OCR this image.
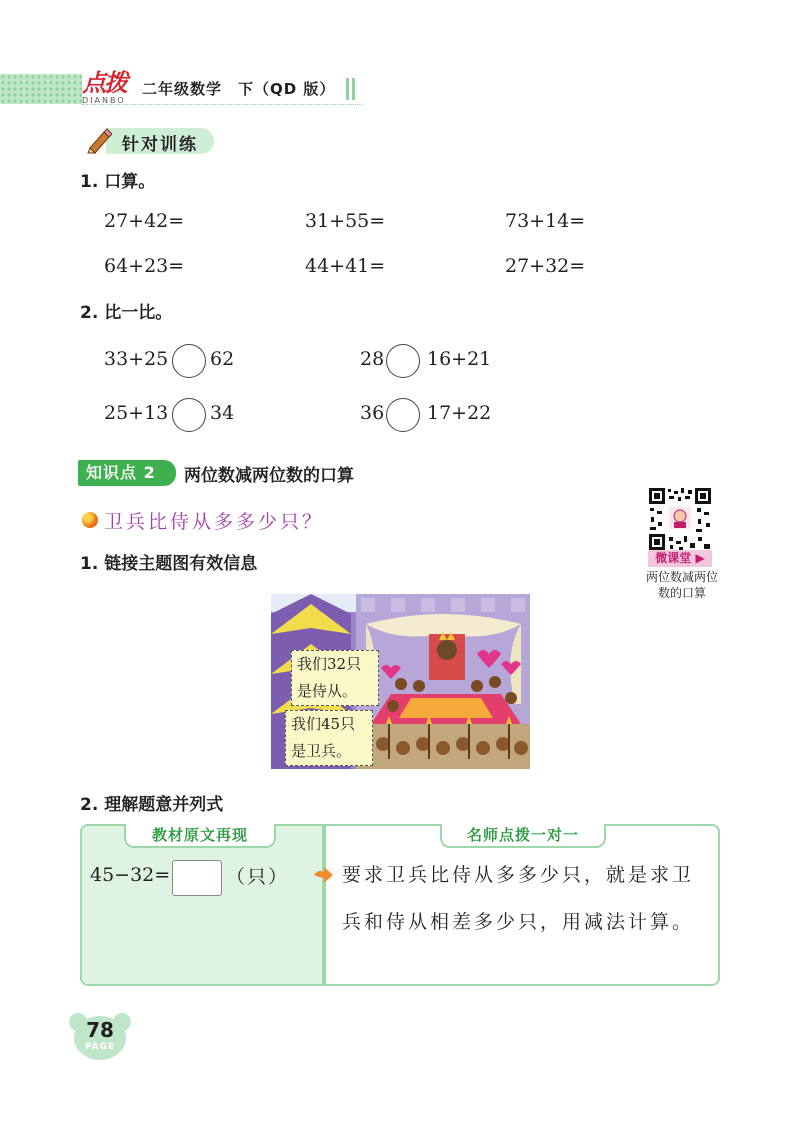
点拨
DIANBO
二年级数学　下（QD 版）
针对训练
1. 口算。
27+42=	31+55=	73+14=
64+23=	44+41=	27+32=
2. 比一比。
33+25 62	28 16+21
25+13 34	36 17+22
知识点 2	两位数减两位数的口算
卫兵比侍从多多少只？
微课堂 ▶
两位数减两位数的口算
1. 链接主题图有效信息
我们32只
是侍从。
我们45只
是卫兵。
2. 理解题意并列式
教材原文再现	名师点拨一对一
45−32=	（只）	要求卫兵比侍从多多少只，就是求卫兵和侍从相差多少只，用减法计算。
78
PAGE
